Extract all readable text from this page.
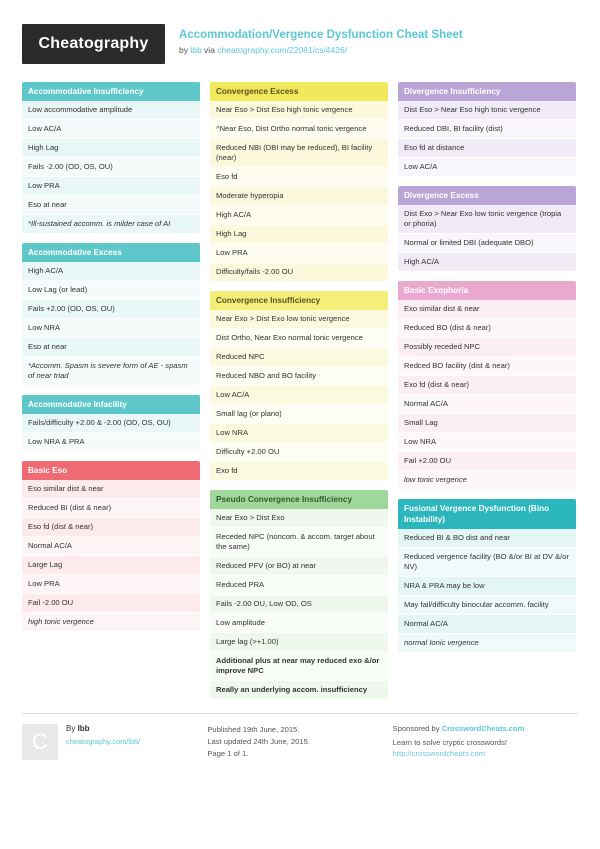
Cheatography	Accommodation/Vergence Dysfunction Cheat Sheet
by lbb via cheatography.com/22081/cs/4426/
Accommodative Insufficiency
Low accommodative amplitude
Low AC/A
High Lag
Fails -2.00 (OD, OS, OU)
Low PRA
Eso at near
*Ill-sustained accomm. is milder case of AI
Accommodative Excess
High AC/A
Low Lag (or lead)
Fails +2.00 (OD, OS, OU)
Low NRA
Eso at near
*Accomm. Spasm is severe form of AE - spasm of near triad
Accommodative Infacility
Fails/difficulty +2.00 & -2.00 (OD, OS, OU)
Low NRA & PRA
Basic Eso
Eso similar dist & near
Reduced BI (dist & near)
Eso fd (dist & near)
Normal AC/A
Large Lag
Low PRA
Fail -2.00 OU
high tonic vergence
Convergence Excess
Near Eso > Dist Eso high tonic vergence
^Near Eso, Dist Ortho normal tonic vergence
Reduced NBI (DBI may be reduced), BI facility (near)
Eso fd
Moderate hyperopia
High AC/A
High Lag
Low PRA
Difficulty/fails -2.00 OU
Convergence Insufficiency
Near Exo > Dist Exo low tonic vergence
Dist Ortho, Near Exo normal tonic vergence
Reduced NPC
Reduced NBO and BO facility
Low AC/A
Small lag (or plano)
Low NRA
Difficulty +2.00 OU
Exo fd
Pseudo Convergence Insufficiency
Near Exo > Dist Exo
Receded NPC (noncom. & accom. target about the same)
Reduced PFV (or BO) at near
Reduced PRA
Fails -2.00 OU, Low OD, OS
Low amplitude
Large lag (>+1.00)
Additional plus at near may reduced exo &/or improve NPC
Really an underlying accom. insufficiency
Divergence Insufficiency
Dist Eso > Near Eso high tonic vergence
Reduced DBI, BI facility (dist)
Eso fd at distance
Low AC/A
Divergence Excess
Dist Exo > Near Exo low tonic vergence (tropia or phoria)
Normal or limited DBI (adequate DBO)
High AC/A
Basic Exophoria
Exo similar dist & near
Reduced BO (dist & near)
Possibly receded NPC
Redced BO facility (dist & near)
Exo fd (dist & near)
Normal AC/A
Small Lag
Low NRA
Fail +2.00 OU
low tonic vergence
Fusional Vergence Dysfunction (Bino Instability)
Reduced BI & BO dist and near
Reduced vergence facility (BO &/or BI at DV &/or NV)
NRA & PRA may be low
May fail/difficulty binocular accomm. facility
Normal AC/A
normal Ionic vergence
C
By lbb
cheatography.com/lbb/
Published 19th June, 2015.
Last updated 24th June, 2015.
Page 1 of 1.
Sponsored by CrosswordCheats.com
Learn to solve cryptic crosswords!
http://crosswordcheats.com
